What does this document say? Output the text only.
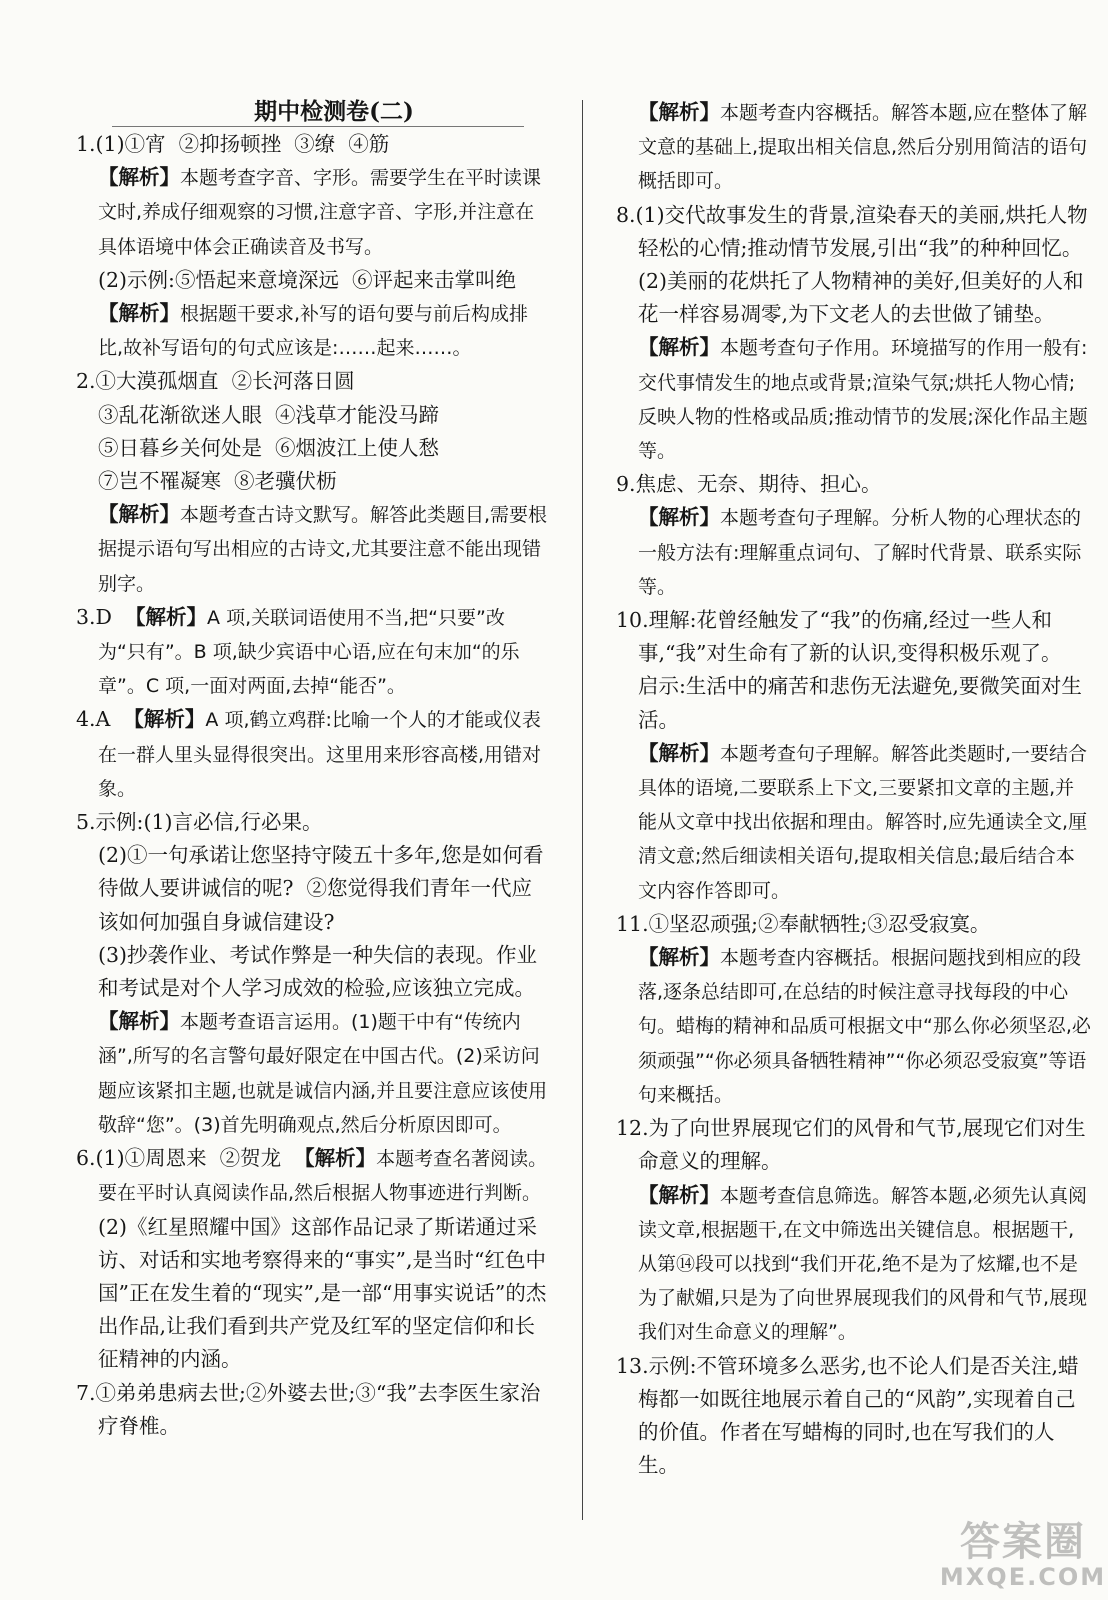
期中检测卷(二)
1.(1)①宵  ②抑扬顿挫  ③缭  ④筋
【解析】本题考查字音、字形。需要学生在平时读课文时,养成仔细观察的习惯,注意字音、字形,并注意在具体语境中体会正确读音及书写。
(2)示例:⑤悟起来意境深远  ⑥评起来击掌叫绝
【解析】根据题干要求,补写的语句要与前后构成排比,故补写语句的句式应该是:……起来……。
2.①大漠孤烟直  ②长河落日圆
③乱花渐欲迷人眼  ④浅草才能没马蹄
⑤日暮乡关何处是  ⑥烟波江上使人愁
⑦岂不罹凝寒  ⑧老骥伏枥
【解析】本题考查古诗文默写。解答此类题目,需要根据提示语句写出相应的古诗文,尤其要注意不能出现错别字。
3.D  【解析】A 项,关联词语使用不当,把“只要”改为“只有”。B 项,缺少宾语中心语,应在句末加“的乐章”。C 项,一面对两面,去掉“能否”。
4.A  【解析】A 项,鹤立鸡群:比喻一个人的才能或仪表在一群人里头显得很突出。这里用来形容高楼,用错对象。
5.示例:(1)言必信,行必果。
(2)①一句承诺让您坚持守陵五十多年,您是如何看待做人要讲诚信的呢?  ②您觉得我们青年一代应该如何加强自身诚信建设?
(3)抄袭作业、考试作弊是一种失信的表现。作业和考试是对个人学习成效的检验,应该独立完成。
【解析】本题考查语言运用。(1)题干中有“传统内涵”,所写的名言警句最好限定在中国古代。(2)采访问题应该紧扣主题,也就是诚信内涵,并且要注意应该使用敬辞“您”。(3)首先明确观点,然后分析原因即可。
6.(1)①周恩来  ②贺龙  【解析】本题考查名著阅读。要在平时认真阅读作品,然后根据人物事迹进行判断。
(2)《红星照耀中国》这部作品记录了斯诺通过采访、对话和实地考察得来的“事实”,是当时“红色中国”正在发生着的“现实”,是一部“用事实说话”的杰出作品,让我们看到共产党及红军的坚定信仰和长征精神的内涵。
7.①弟弟患病去世;②外婆去世;③“我”去李医生家治疗脊椎。
【解析】本题考查内容概括。解答本题,应在整体了解文意的基础上,提取出相关信息,然后分别用简洁的语句概括即可。
8.(1)交代故事发生的背景,渲染春天的美丽,烘托人物轻松的心情;推动情节发展,引出“我”的种种回忆。
(2)美丽的花烘托了人物精神的美好,但美好的人和花一样容易凋零,为下文老人的去世做了铺垫。
【解析】本题考查句子作用。环境描写的作用一般有:交代事情发生的地点或背景;渲染气氛;烘托人物心情;反映人物的性格或品质;推动情节的发展;深化作品主题等。
9.焦虑、无奈、期待、担心。
【解析】本题考查句子理解。分析人物的心理状态的一般方法有:理解重点词句、了解时代背景、联系实际等。
10.理解:花曾经触发了“我”的伤痛,经过一些人和事,“我”对生命有了新的认识,变得积极乐观了。
启示:生活中的痛苦和悲伤无法避免,要微笑面对生活。
【解析】本题考查句子理解。解答此类题时,一要结合具体的语境,二要联系上下文,三要紧扣文章的主题,并能从文章中找出依据和理由。解答时,应先通读全文,厘清文意;然后细读相关语句,提取相关信息;最后结合本文内容作答即可。
11.①坚忍顽强;②奉献牺牲;③忍受寂寞。
【解析】本题考查内容概括。根据问题找到相应的段落,逐条总结即可,在总结的时候注意寻找每段的中心句。蜡梅的精神和品质可根据文中“那么你必须坚忍,必须顽强”“你必须具备牺牲精神”“你必须忍受寂寞”等语句来概括。
12.为了向世界展现它们的风骨和气节,展现它们对生命意义的理解。
【解析】本题考查信息筛选。解答本题,必须先认真阅读文章,根据题干,在文中筛选出关键信息。根据题干,从第⑭段可以找到“我们开花,绝不是为了炫耀,也不是为了献媚,只是为了向世界展现我们的风骨和气节,展现我们对生命意义的理解”。
13.示例:不管环境多么恶劣,也不论人们是否关注,蜡梅都一如既往地展示着自己的“风韵”,实现着自己的价值。作者在写蜡梅的同时,也在写我们的人生。
答案圈
MXQE.COM
